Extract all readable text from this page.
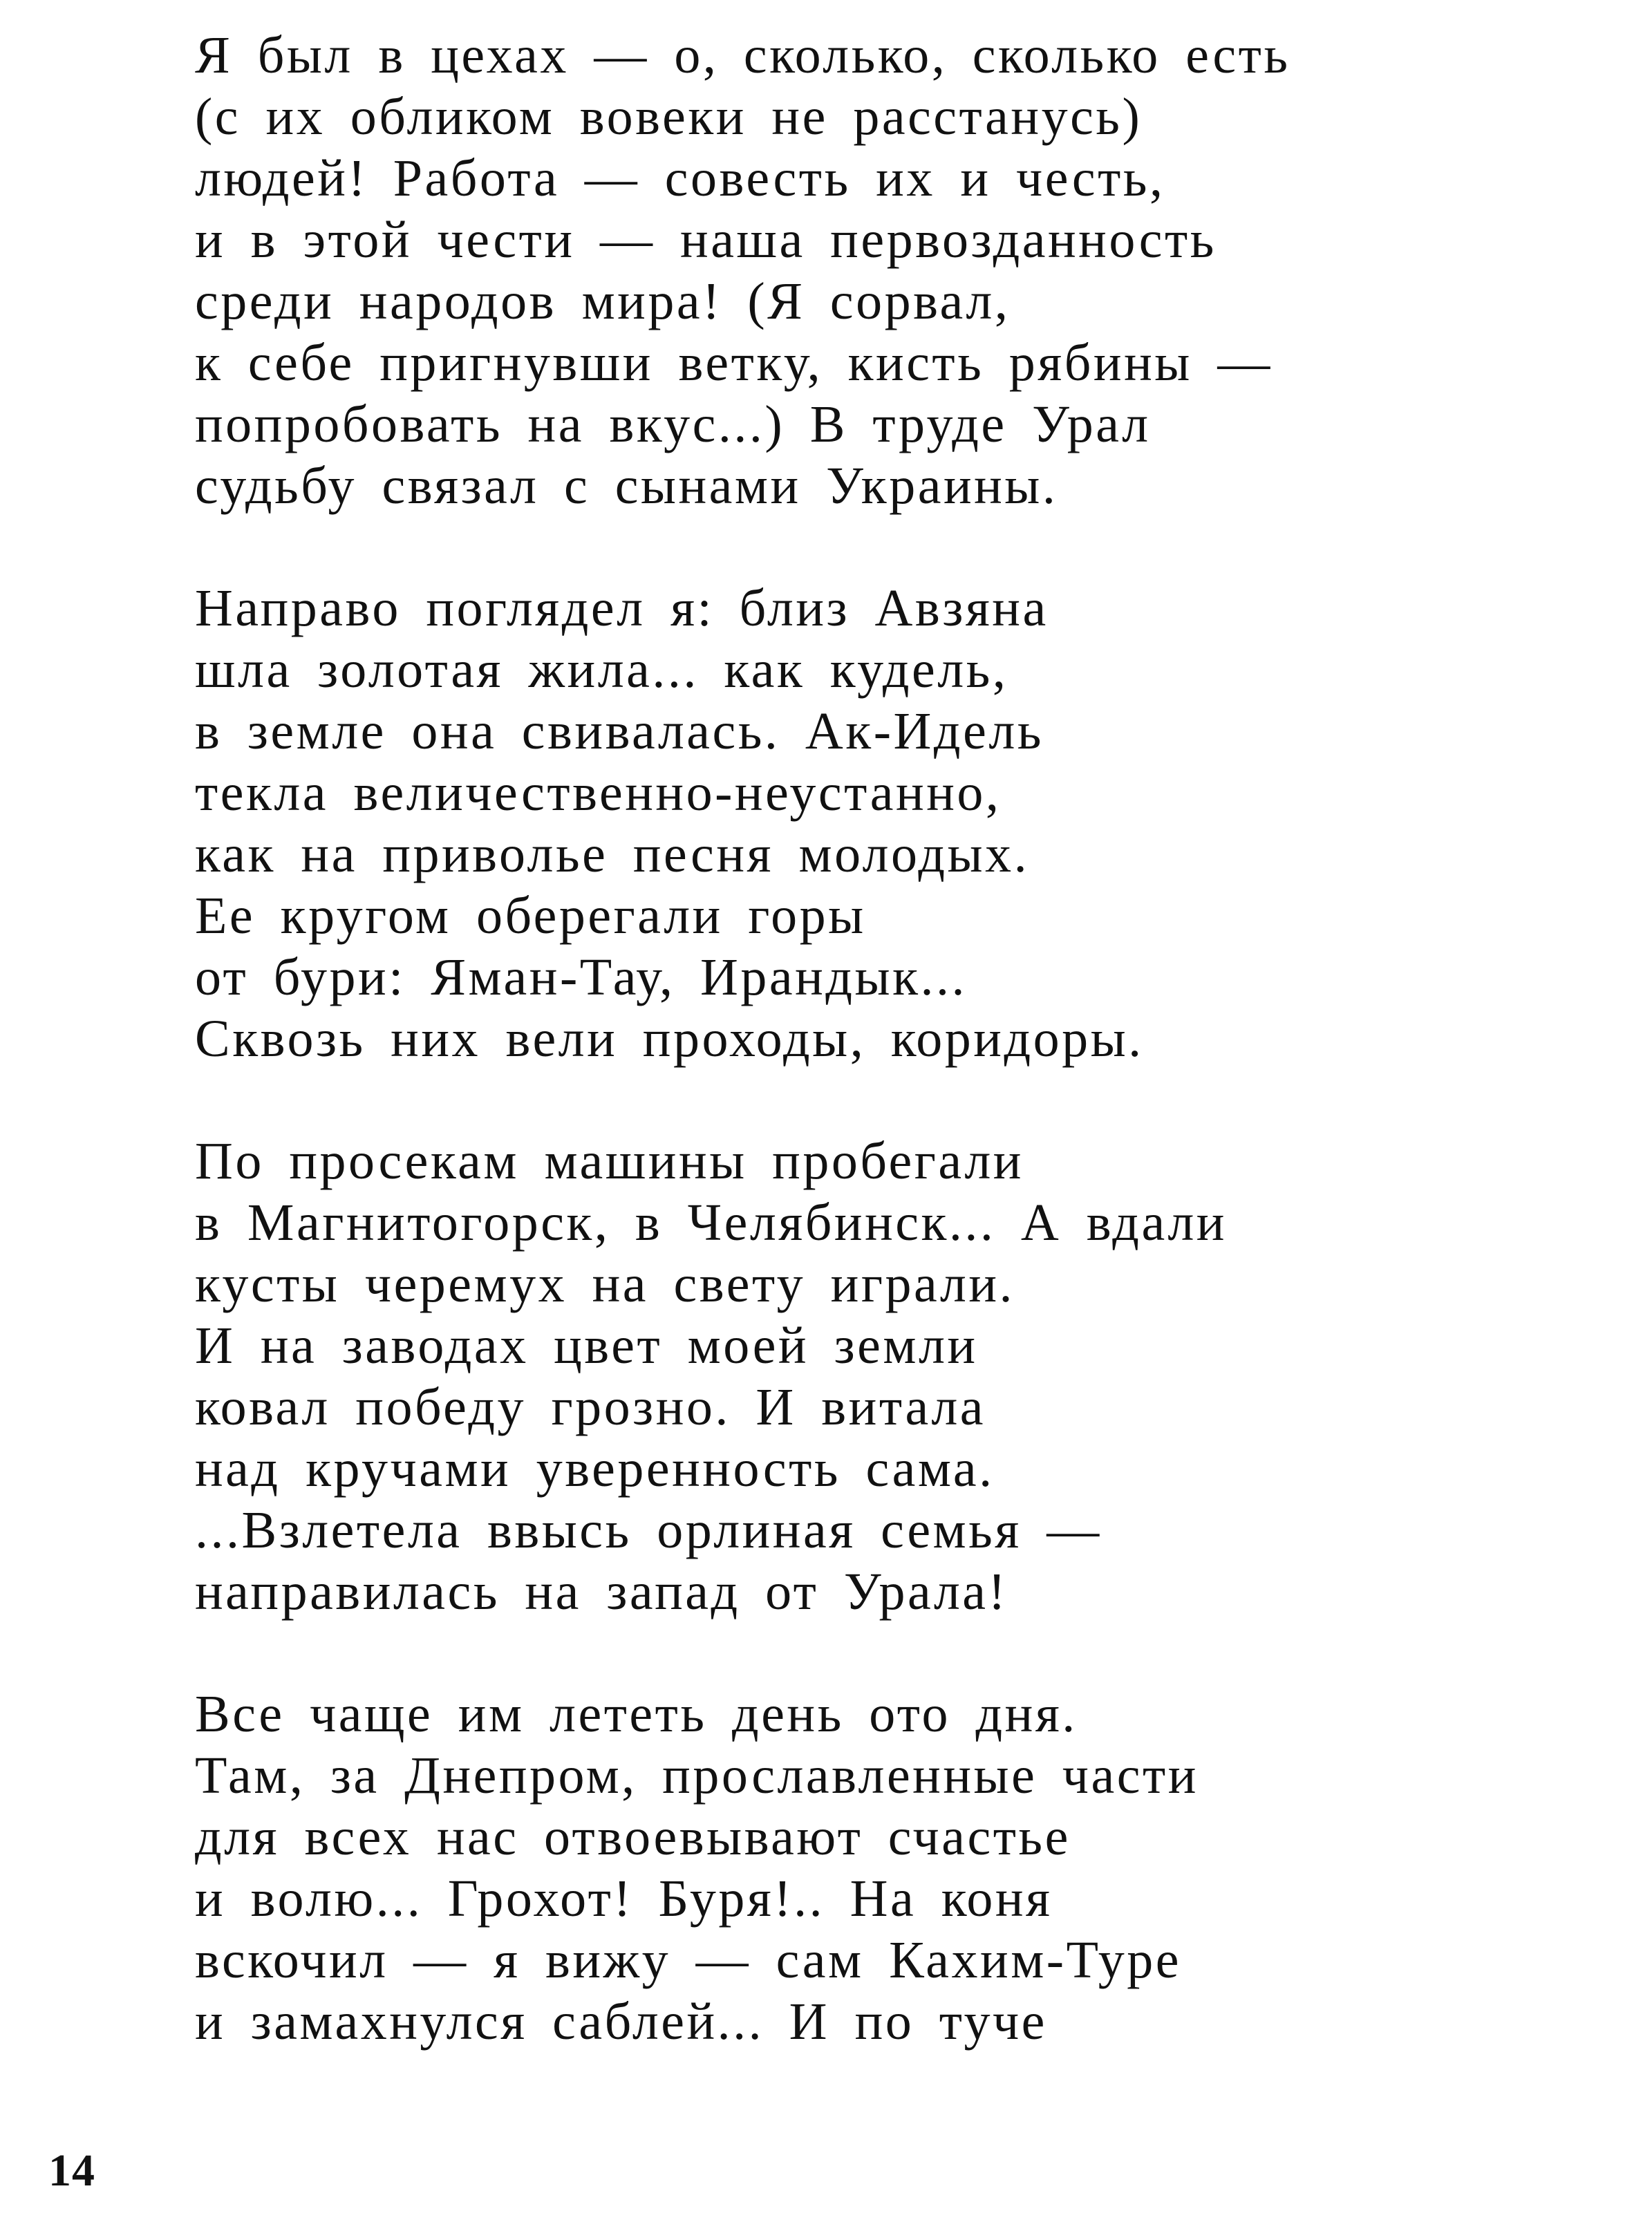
Я был в цехах — о, сколько, сколько есть
(с их обликом вовеки не расстанусь)
людей! Работа — совесть их и честь,
и в этой чести — наша первозданность
среди народов мира! (Я сорвал,
к себе пригнувши ветку, кисть рябины —
попробовать на вкус...) В труде Урал
судьбу связал с сынами Украины.
Направо поглядел я: близ Авзяна
шла золотая жила... как кудель,
в земле она свивалась. Ак-Идель
текла величественно-неустанно,
как на приволье песня молодых.
Ее кругом оберегали горы
от бури: Яман-Тау, Ирандык...
Сквозь них вели проходы, коридоры.
По просекам машины пробегали
в Магнитогорск, в Челябинск... А вдали
кусты черемух на свету играли.
И на заводах цвет моей земли
ковал победу грозно. И витала
над кручами уверенность сама.
...Взлетела ввысь орлиная семья —
направилась на запад от Урала!
Все чаще им лететь день ото дня.
Там, за Днепром, прославленные части
для всех нас отвоевывают счастье
и волю... Грохот! Буря!.. На коня
вскочил — я вижу — сам Кахим-Туре
и замахнулся саблей... И по туче
14
